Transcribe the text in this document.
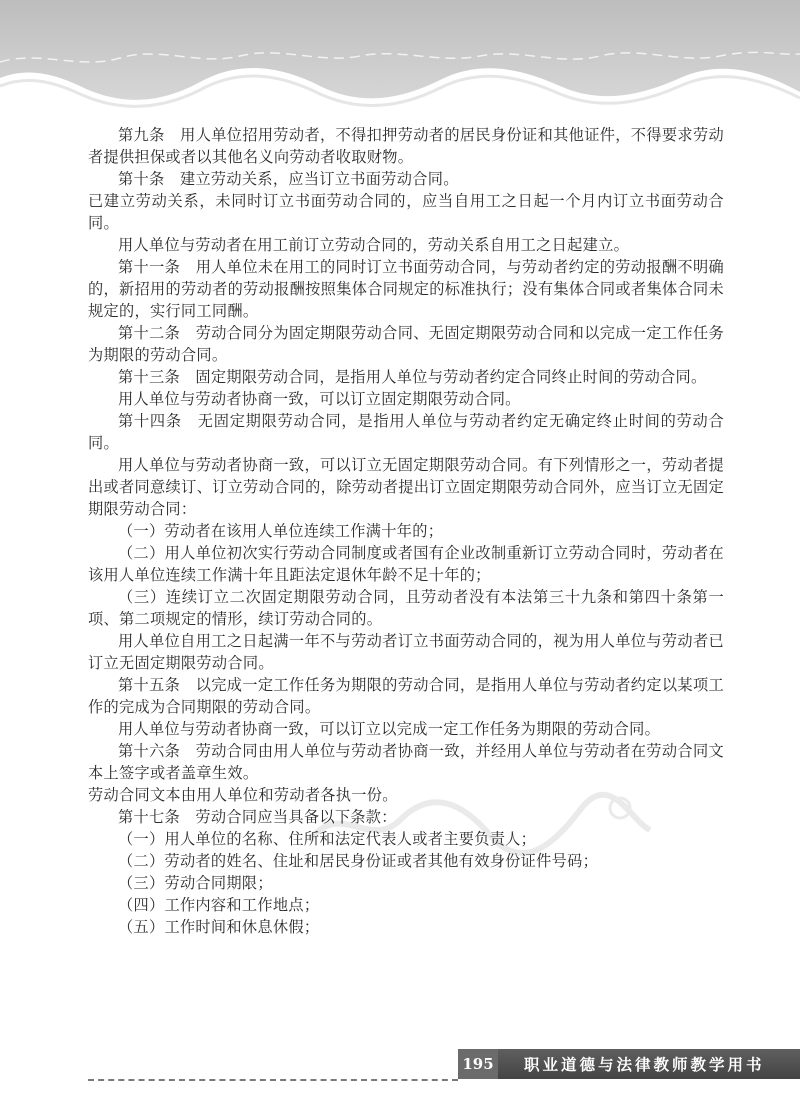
第九条　用人单位招用劳动者，不得扣押劳动者的居民身份证和其他证件，不得要求劳动者提供担保或者以其他名义向劳动者收取财物。

第十条　建立劳动关系，应当订立书面劳动合同。

已建立劳动关系，未同时订立书面劳动合同的，应当自用工之日起一个月内订立书面劳动合同。

用人单位与劳动者在用工前订立劳动合同的，劳动关系自用工之日起建立。

第十一条　用人单位未在用工的同时订立书面劳动合同，与劳动者约定的劳动报酬不明确的，新招用的劳动者的劳动报酬按照集体合同规定的标准执行；没有集体合同或者集体合同未规定的，实行同工同酬。

第十二条　劳动合同分为固定期限劳动合同、无固定期限劳动合同和以完成一定工作任务为期限的劳动合同。

第十三条　固定期限劳动合同，是指用人单位与劳动者约定合同终止时间的劳动合同。

用人单位与劳动者协商一致，可以订立固定期限劳动合同。

第十四条　无固定期限劳动合同，是指用人单位与劳动者约定无确定终止时间的劳动合同。

用人单位与劳动者协商一致，可以订立无固定期限劳动合同。有下列情形之一，劳动者提出或者同意续订、订立劳动合同的，除劳动者提出订立固定期限劳动合同外，应当订立无固定期限劳动合同：

（一）劳动者在该用人单位连续工作满十年的；

（二）用人单位初次实行劳动合同制度或者国有企业改制重新订立劳动合同时，劳动者在该用人单位连续工作满十年且距法定退休年龄不足十年的；

（三）连续订立二次固定期限劳动合同，且劳动者没有本法第三十九条和第四十条第一项、第二项规定的情形，续订劳动合同的。

用人单位自用工之日起满一年不与劳动者订立书面劳动合同的，视为用人单位与劳动者已订立无固定期限劳动合同。

第十五条　以完成一定工作任务为期限的劳动合同，是指用人单位与劳动者约定以某项工作的完成为合同期限的劳动合同。

用人单位与劳动者协商一致，可以订立以完成一定工作任务为期限的劳动合同。

第十六条　劳动合同由用人单位与劳动者协商一致，并经用人单位与劳动者在劳动合同文本上签字或者盖章生效。

劳动合同文本由用人单位和劳动者各执一份。

第十七条　劳动合同应当具备以下条款：

（一）用人单位的名称、住所和法定代表人或者主要负责人；

（二）劳动者的姓名、住址和居民身份证或者其他有效身份证件号码；

（三）劳动合同期限；

（四）工作内容和工作地点；

（五）工作时间和休息休假；

195	职业道德与法律教师教学用书
